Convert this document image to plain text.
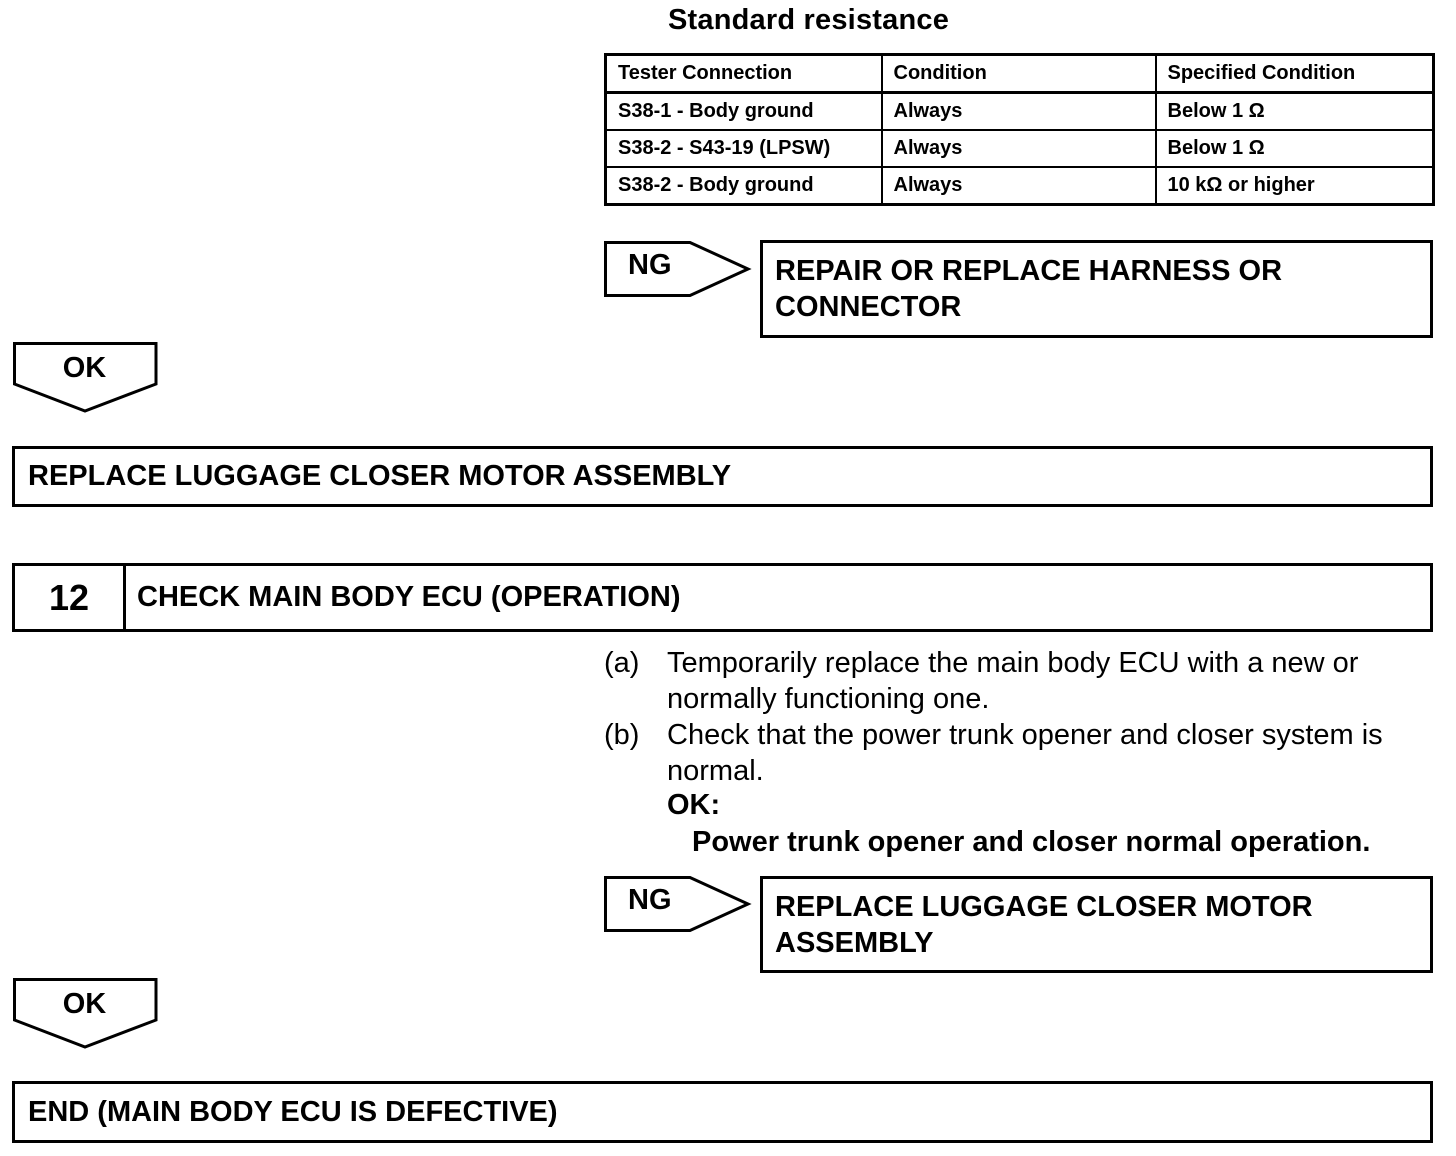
Standard resistance
Tester Connection	Condition	Specified Condition
S38-1 - Body ground	Always	Below 1 Ω
S38-2 - S43-19 (LPSW)	Always	Below 1 Ω
S38-2 - Body ground	Always	10 kΩ or higher
NG	REPAIR OR REPLACE HARNESS OR
CONNECTOR
OK
REPLACE LUGGAGE CLOSER MOTOR ASSEMBLY
12	CHECK MAIN BODY ECU (OPERATION)
(a) Temporarily replace the main body ECU with a new or
normally functioning one.
(b) Check that the power trunk opener and closer system is
normal.
OK:
Power trunk opener and closer normal operation.
NG	REPLACE LUGGAGE CLOSER MOTOR
ASSEMBLY
OK
END (MAIN BODY ECU IS DEFECTIVE)
